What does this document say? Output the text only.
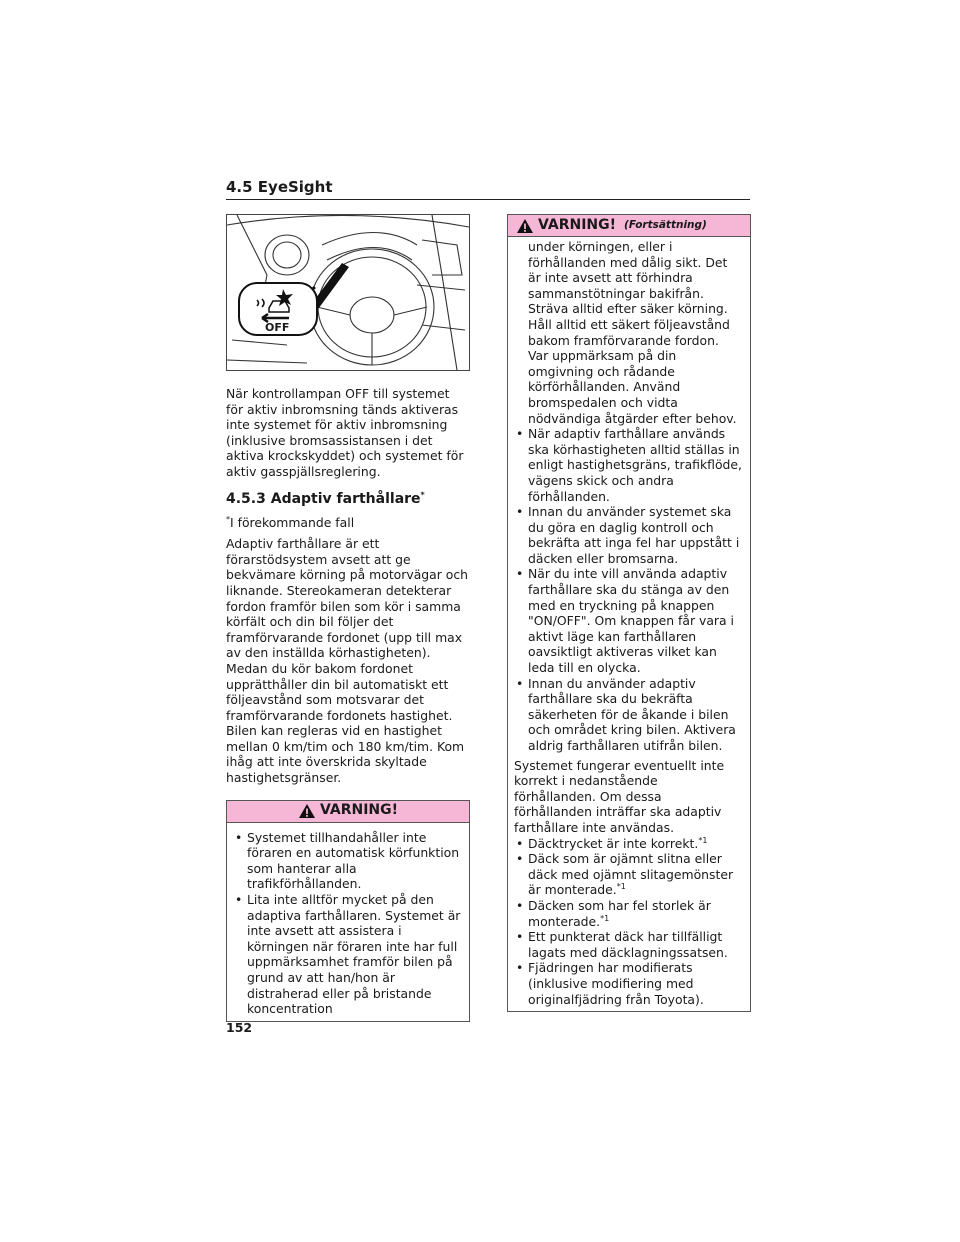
4.5 EyeSight
OFF

När kontrollampan OFF till systemet för aktiv inbromsning tänds aktiveras inte systemet för aktiv inbromsning (inklusive bromsassistansen i det aktiva krockskyddet) och systemet för aktiv gasspjällsreglering.

4.5.3 Adaptiv farthållare*

*I förekommande fall

Adaptiv farthållare är ett förarstödsystem avsett att ge bekvämare körning på motorvägar och liknande. Stereokameran detekterar fordon framför bilen som kör i samma körfält och din bil följer det framförvarande fordonet (upp till max av den inställda körhastigheten). Medan du kör bakom fordonet upprätthåller din bil automatiskt ett följeavstånd som motsvarar det framförvarande fordonets hastighet. Bilen kan regleras vid en hastighet mellan 0 km/tim och 180 km/tim. Kom ihåg att inte överskrida skyltade hastighetsgränser.

VARNING!
• Systemet tillhandahåller inte föraren en automatisk körfunktion som hanterar alla trafikförhållanden.
• Lita inte alltför mycket på den adaptiva farthållaren. Systemet är inte avsett att assistera i körningen när föraren inte har full uppmärksamhet framför bilen på grund av att han/hon är distraherad eller på bristande koncentration
VARNING! (Fortsättning)
under körningen, eller i förhållanden med dålig sikt. Det är inte avsett att förhindra sammanstötningar bakifrån. Sträva alltid efter säker körning. Håll alltid ett säkert följeavstånd bakom framförvarande fordon. Var uppmärksam på din omgivning och rådande körförhållanden. Använd bromspedalen och vidta nödvändiga åtgärder efter behov.
• När adaptiv farthållare används ska körhastigheten alltid ställas in enligt hastighetsgräns, trafikflöde, vägens skick och andra förhållanden.
• Innan du använder systemet ska du göra en daglig kontroll och bekräfta att inga fel har uppstått i däcken eller bromsarna.
• När du inte vill använda adaptiv farthållare ska du stänga av den med en tryckning på knappen "ON/OFF". Om knappen får vara i aktivt läge kan farthållaren oavsiktligt aktiveras vilket kan leda till en olycka.
• Innan du använder adaptiv farthållare ska du bekräfta säkerheten för de åkande i bilen och området kring bilen. Aktivera aldrig farthållaren utifrån bilen.
Systemet fungerar eventuellt inte korrekt i nedanstående förhållanden. Om dessa förhållanden inträffar ska adaptiv farthållare inte användas.
• Däcktrycket är inte korrekt.$^{*1}$
• Däck som är ojämnt slitna eller däck med ojämnt slitagemönster är monterade.$^{*1}$
• Däcken som har fel storlek är monterade.$^{*1}$
• Ett punkterat däck har tillfälligt lagats med däcklagningssatsen.
• Fjädringen har modifierats (inklusive modifiering med originalfjädring från Toyota).
152
